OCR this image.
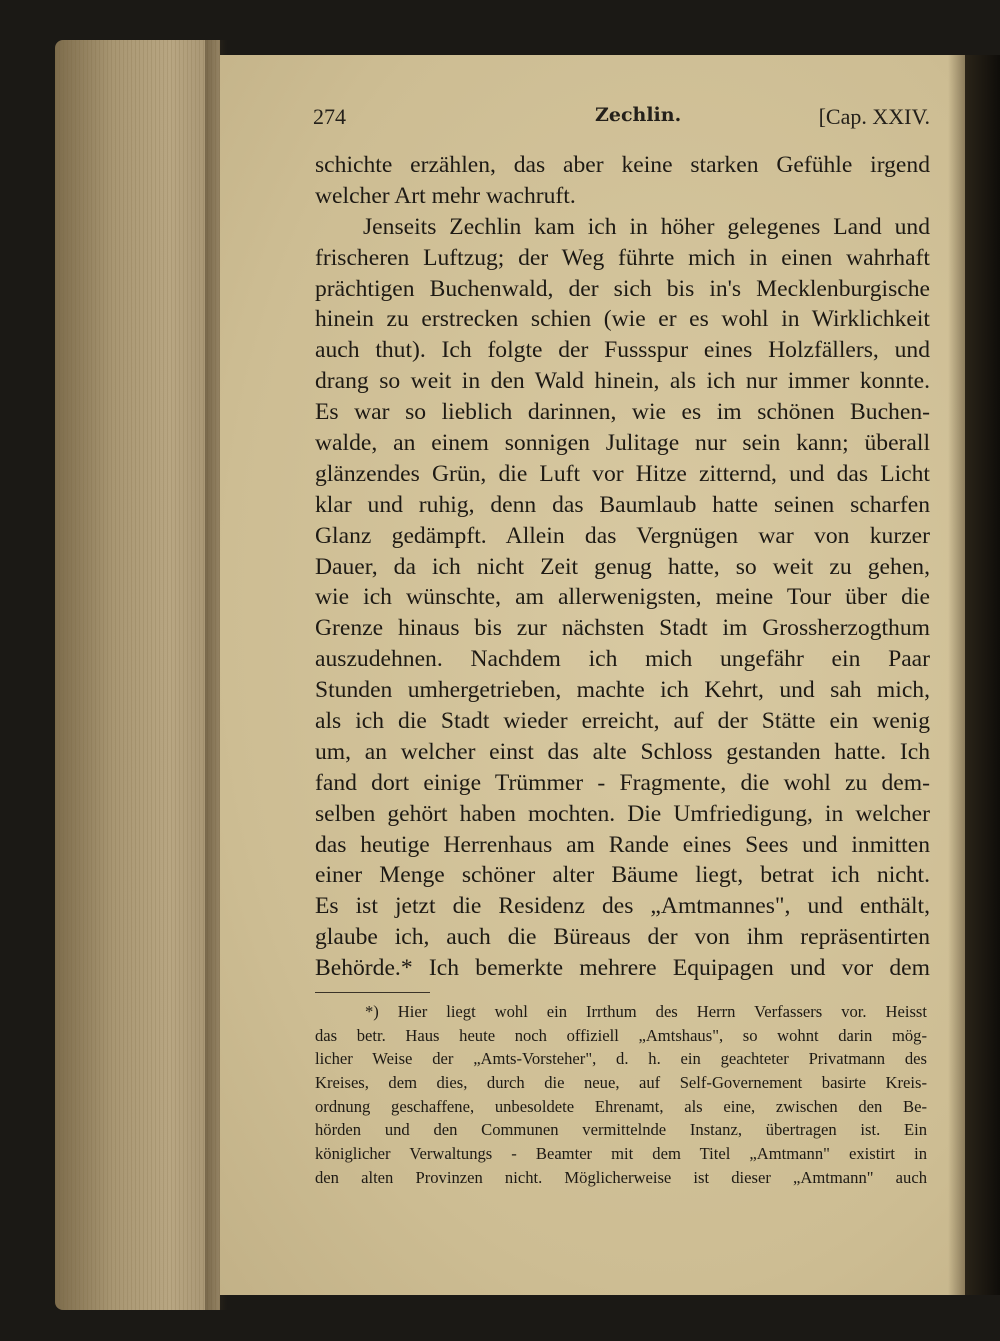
274	Zechlin.	[Cap. XXIV.
schichte erzählen, das aber keine starken Gefühle irgend
welcher Art mehr wachruft.
Jenseits Zechlin kam ich in höher gelegenes Land und
frischeren Luftzug; der Weg führte mich in einen wahrhaft
prächtigen Buchenwald, der sich bis in's Mecklenburgische
hinein zu erstrecken schien (wie er es wohl in Wirklichkeit
auch thut). Ich folgte der Fussspur eines Holzfällers, und
drang so weit in den Wald hinein, als ich nur immer konnte.
Es war so lieblich darinnen, wie es im schönen Buchen-
walde, an einem sonnigen Julitage nur sein kann; überall
glänzendes Grün, die Luft vor Hitze zitternd, und das Licht
klar und ruhig, denn das Baumlaub hatte seinen scharfen
Glanz gedämpft. Allein das Vergnügen war von kurzer
Dauer, da ich nicht Zeit genug hatte, so weit zu gehen,
wie ich wünschte, am allerwenigsten, meine Tour über die
Grenze hinaus bis zur nächsten Stadt im Grossherzogthum
auszudehnen. Nachdem ich mich ungefähr ein Paar
Stunden umhergetrieben, machte ich Kehrt, und sah mich,
als ich die Stadt wieder erreicht, auf der Stätte ein wenig
um, an welcher einst das alte Schloss gestanden hatte. Ich
fand dort einige Trümmer - Fragmente, die wohl zu dem-
selben gehört haben mochten. Die Umfriedigung, in welcher
das heutige Herrenhaus am Rande eines Sees und inmitten
einer Menge schöner alter Bäume liegt, betrat ich nicht.
Es ist jetzt die Residenz des „Amtmannes", und enthält,
glaube ich, auch die Büreaus der von ihm repräsentirten
Behörde.* Ich bemerkte mehrere Equipagen und vor dem
*) Hier liegt wohl ein Irrthum des Herrn Verfassers vor. Heisst
das betr. Haus heute noch offiziell „Amtshaus", so wohnt darin mög-
licher Weise der „Amts-Vorsteher", d. h. ein geachteter Privatmann des
Kreises, dem dies, durch die neue, auf Self-Governement basirte Kreis-
ordnung geschaffene, unbesoldete Ehrenamt, als eine, zwischen den Be-
hörden und den Communen vermittelnde Instanz, übertragen ist. Ein
königlicher Verwaltungs - Beamter mit dem Titel „Amtmann" existirt in
den alten Provinzen nicht. Möglicherweise ist dieser „Amtmann" auch
